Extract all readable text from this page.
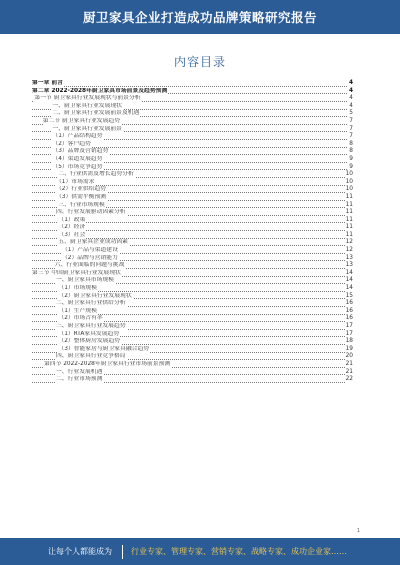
厨卫家具企业打造成功品牌策略研究报告
内容目录
第一章 前言	4
第二章 2022-2028年厨卫家具市场前景及趋势预测	4
第一节 厨卫家具行业发展现状与前景分析	4
一、厨卫家具行业发展现状	4
二、厨卫家具行业发展前景及机遇	5
第二节 厨卫家具行业发展趋势	7
一、厨卫家具行业发展前景	7
（1）产品结构趋势	7
（2）客户趋势	8
（3）品牌及营销趋势	8
（4）渠道发展趋势	9
（5）市场竞争趋势	9
二、行业供需及增长趋势分析	10
（1）市场需求	10
（2）行业供给趋势	10
（3）供需平衡预测	11
三、行业市场规模	11
四、行业发展驱动因素分析	11
（1）政策	11
（2）经济	11
（3）社会	11
五、厨卫家具企业成功因素	12
（1）产品与渠道建设	12
（2）品牌与营销能力	13
六、行业面临的问题与挑战	13
第三节 中国厨卫家具行业发展现状	14
一、厨卫家具市场规模	14
（1）市场规模	14
（2）厨卫家具行业发展现状	15
二、厨卫家具行业供给分析	16
（1）生产规模	16
（2）市场占有率	16
三、厨卫家具行业发展趋势	17
（1）RTA家具发展趋势	17
（2）整体厨房发展趋势	18
（3）智能家居与厨卫家具融合趋势	19
四、厨卫家具行业竞争格局	20
第四节 2022-2028年厨卫家具行业市场前景预测	21
一、行业发展机遇	21
二、行业市场预测	22
1
让每个人都能成为	行业专家、管理专家、营销专家、战略专家、成功企业家……
